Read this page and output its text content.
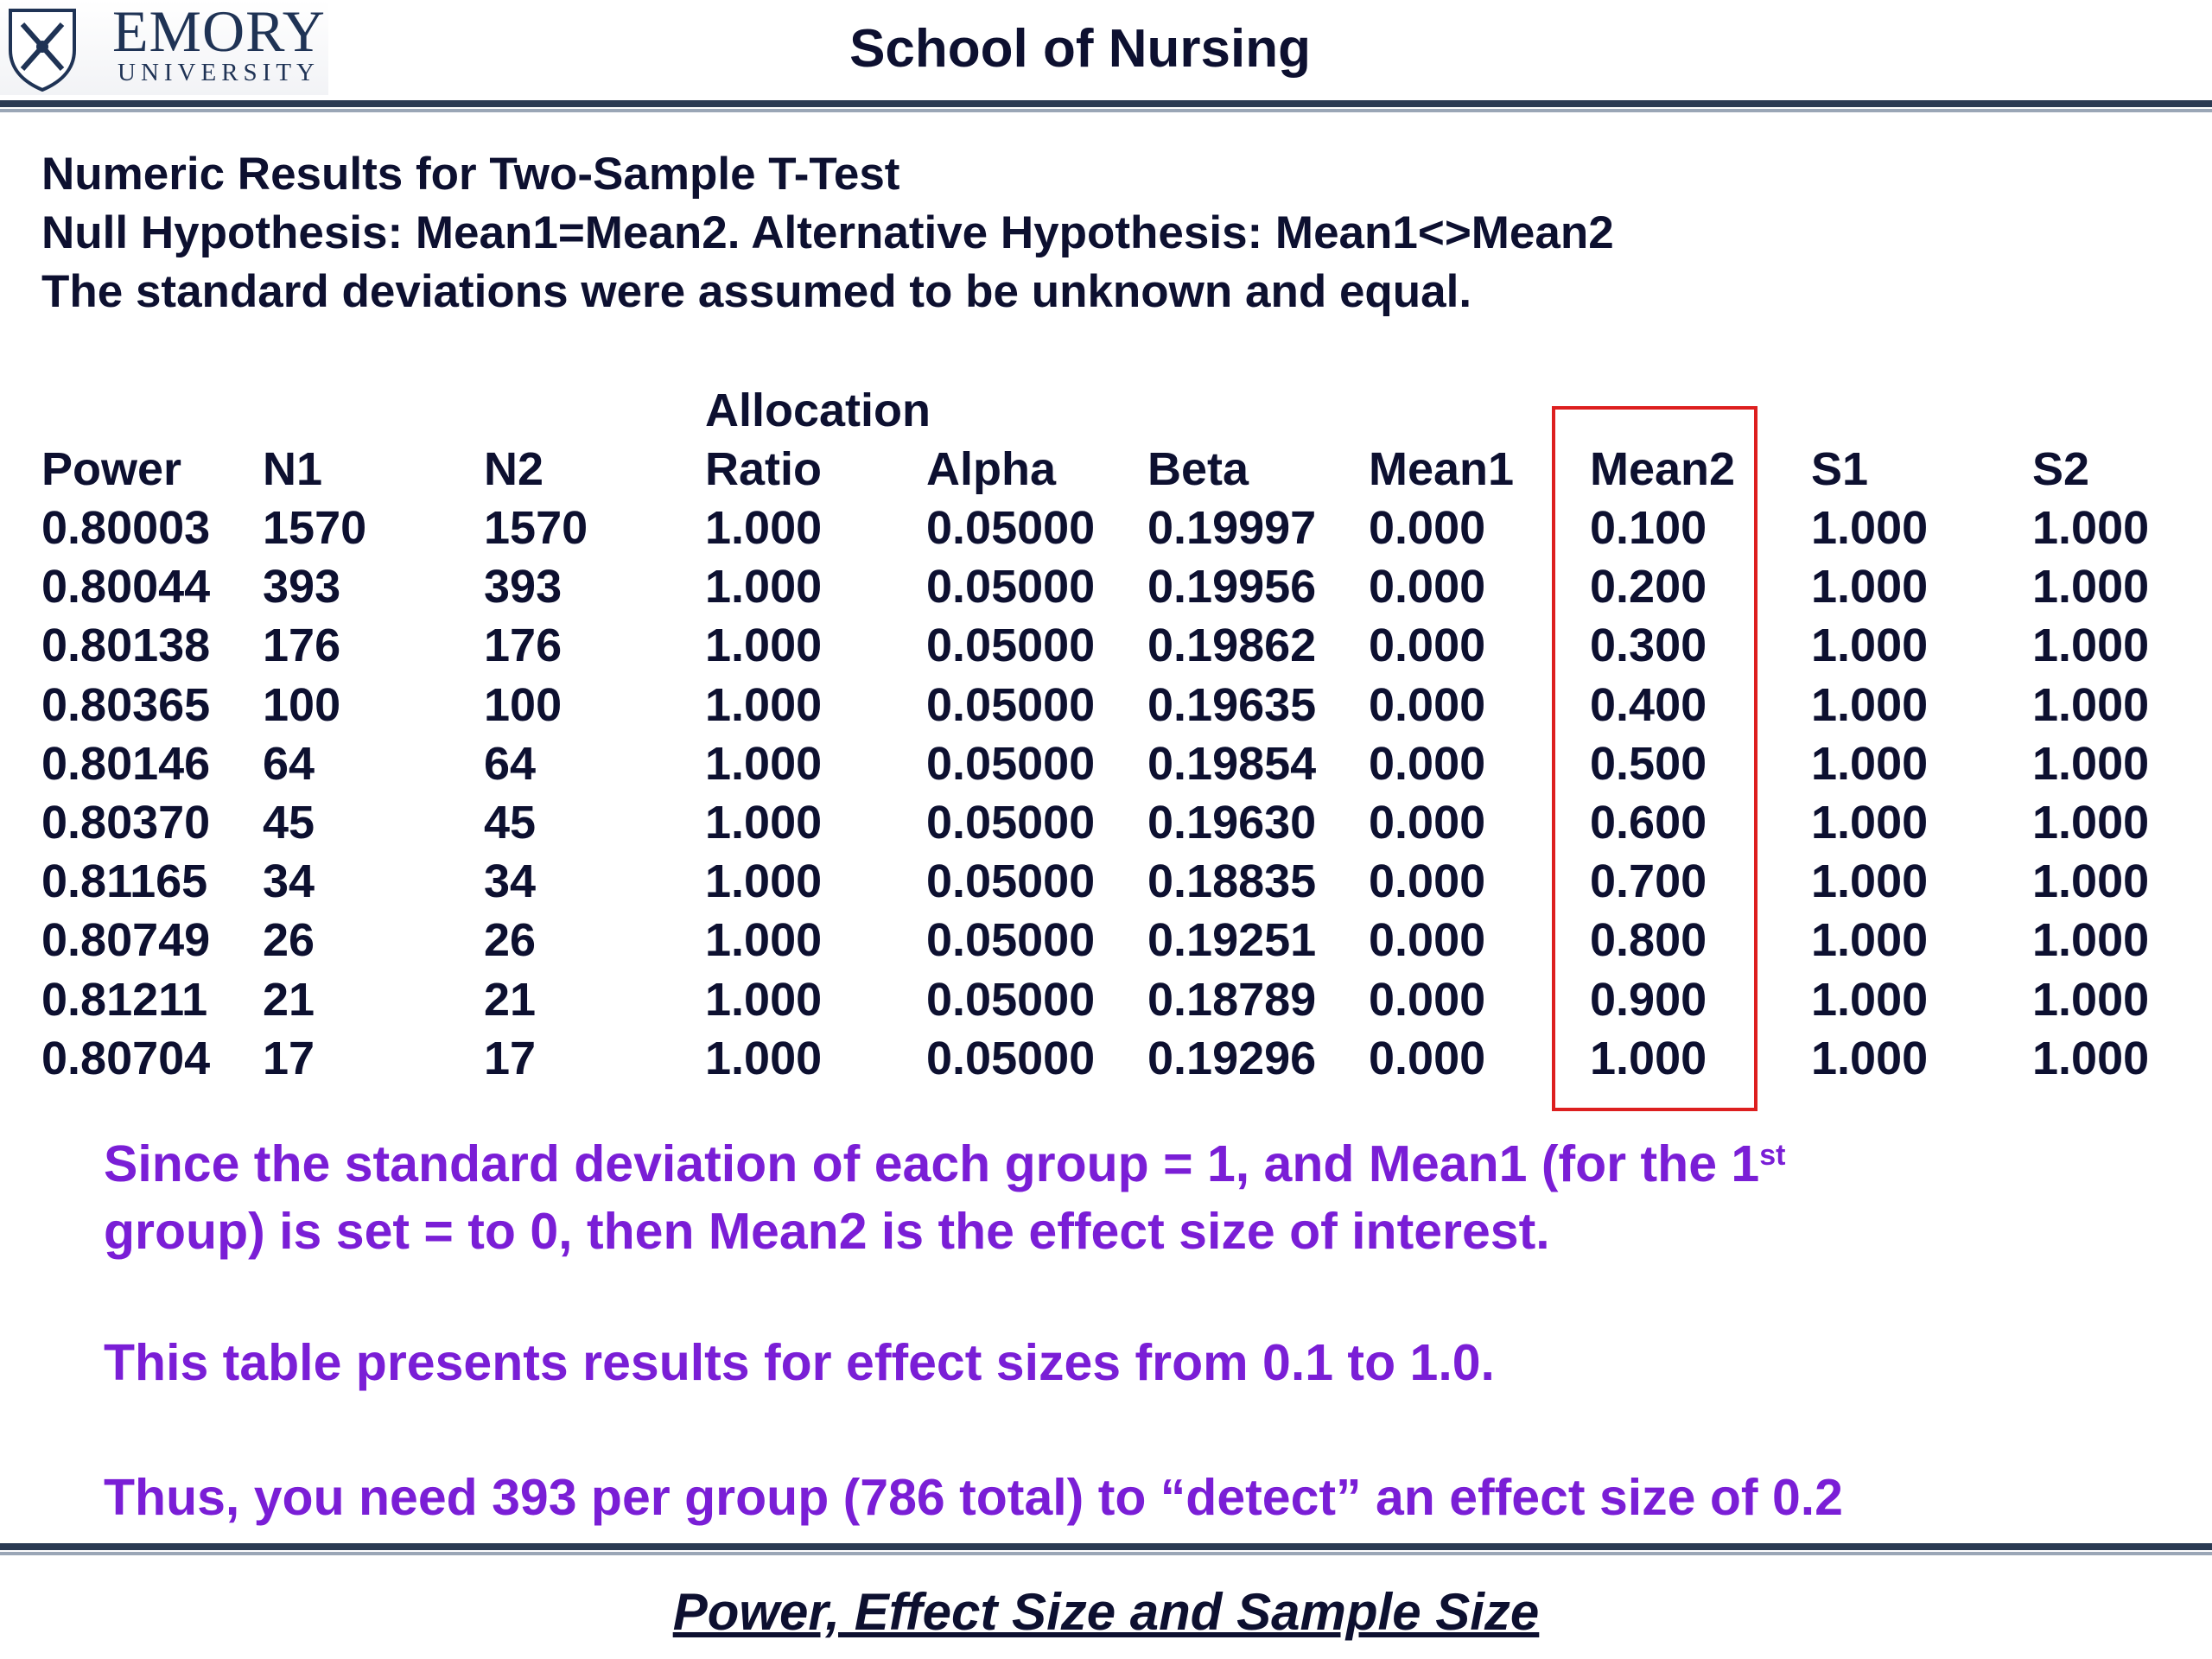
EMORY
UNIVERSITY	School of Nursing
Numeric Results for Two-Sample T-Test
Null Hypothesis: Mean1=Mean2. Alternative Hypothesis: Mean1<>Mean2
The standard deviations were assumed to be unknown and equal.
Allocation
Power N1	N2	Ratio Alpha Beta	Mean1 Mean2 S1	S2
0.80003 1570	1570	1.000 0.05000 0.19997 0.000 0.100 1.000 1.000
0.80044 393	393	1.000 0.05000 0.19956 0.000 0.200 1.000 1.000
0.80138 176	176	1.000 0.05000 0.19862 0.000 0.300 1.000 1.000
0.80365 100	100	1.000 0.05000 0.19635 0.000 0.400 1.000 1.000
0.80146 64	64	1.000 0.05000 0.19854 0.000 0.500 1.000 1.000
0.80370 45	45	1.000 0.05000 0.19630 0.000 0.600 1.000 1.000
0.81165 34	34	1.000 0.05000 0.18835 0.000 0.700 1.000 1.000
0.80749 26	26	1.000 0.05000 0.19251 0.000 0.800 1.000 1.000
0.81211 21	21	1.000 0.05000 0.18789 0.000 0.900 1.000 1.000
0.80704 17	17	1.000 0.05000 0.19296 0.000 1.000 1.000 1.000

Since the standard deviation of each group = 1, and Mean1 (for the 1st

group) is set = to 0, then Mean2 is the effect size of interest.

This table presents results for effect sizes from 0.1 to 1.0.

Thus, you need 393 per group (786 total) to “detect” an effect size of 0.2

Power, Effect Size and Sample Size
